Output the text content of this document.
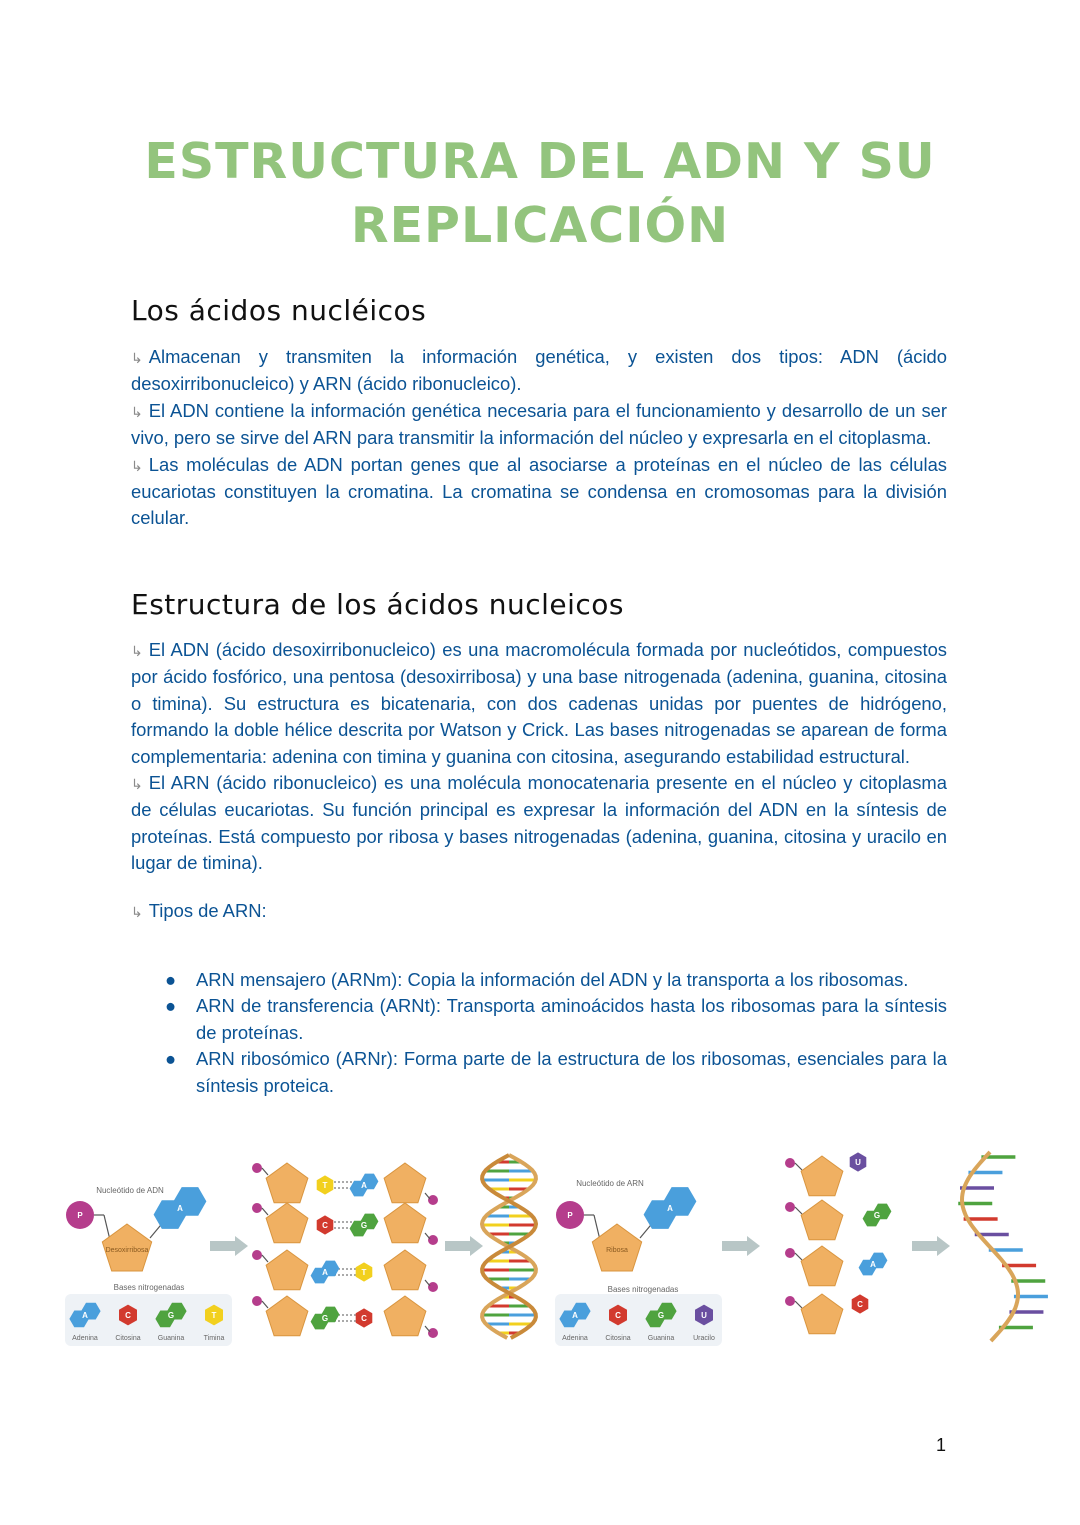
ESTRUCTURA DEL ADN Y SU
REPLICACIÓN
Los ácidos nucléicos

↳ Almacenan y transmiten la información genética, y existen dos tipos: ADN (ácido desoxirribonucleico) y ARN (ácido ribonucleico).

↳ El ADN contiene la información genética necesaria para el funcionamiento y desarrollo de un ser vivo, pero se sirve del ARN para transmitir la información del núcleo y expresarla en el citoplasma.

↳ Las moléculas de ADN portan genes que al asociarse a proteínas en el núcleo de las células eucariotas constituyen la cromatina. La cromatina se condensa en cromosomas para la división celular.

Estructura de los ácidos nucleicos

↳ El ADN (ácido desoxirribonucleico) es una macromolécula formada por nucleótidos, compuestos por ácido fosfórico, una pentosa (desoxirribosa) y una base nitrogenada (adenina, guanina, citosina o timina). Su estructura es bicatenaria, con dos cadenas unidas por puentes de hidrógeno, formando la doble hélice descrita por Watson y Crick. Las bases nitrogenadas se aparean de forma complementaria: adenina con timina y guanina con citosina, asegurando estabilidad estructural.

↳ El ARN (ácido ribonucleico) es una molécula monocatenaria presente en el núcleo y citoplasma de células eucariotas. Su función principal es expresar la información del ADN en la síntesis de proteínas. Está compuesto por ribosa y bases nitrogenadas (adenina, guanina, citosina y uracilo en lugar de timina).

↳ Tipos de ARN:

● ARN mensajero (ARNm): Copia la información del ADN y la transporta a los ribosomas.
● ARN de transferencia (ARNt): Transporta aminoácidos hasta los ribosomas para la síntesis de proteínas.
● ARN ribosómico (ARNr): Forma parte de la estructura de los ribosomas, esenciales para la síntesis proteica.
Nucleótido de ADN
Bases nitrogenadas
Nucleótido de ARN
Bases nitrogenadas
P
Desoxirribosa
A
A
Adenina
C
Citosina
G
Guanina
T
Timina
P
Ribosa
A
A
Adenina
C
Citosina
G
Guanina
U
Uracilo
T	A
C	G
A	T
G	C
U
G
A
C
1
